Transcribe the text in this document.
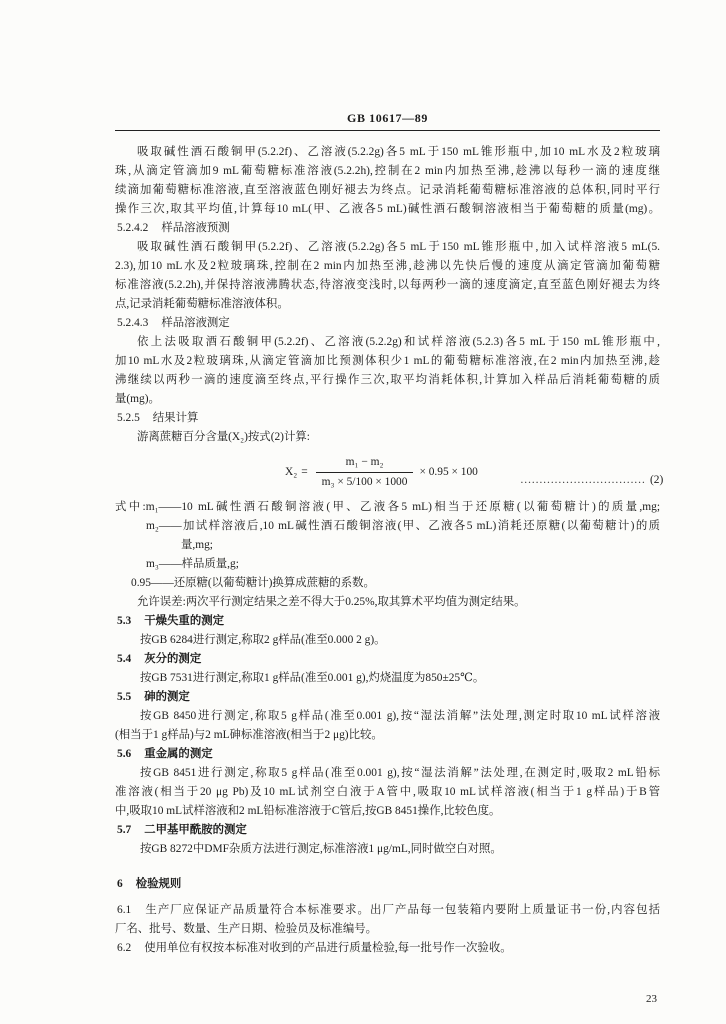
GB 10617—89
吸取碱性酒石酸铜甲(5.2.2f)、乙溶液(5.2.2g)各5 mL于150 mL锥形瓶中,加10 mL水及2粒玻璃
珠,从滴定管滴加9 mL葡萄糖标准溶液(5.2.2h),控制在2 min内加热至沸,趁沸以每秒一滴的速度继
续滴加葡萄糖标准溶液,直至溶液蓝色刚好褪去为终点。记录消耗葡萄糖标准溶液的总体积,同时平行
操作三次,取其平均值,计算每10 mL(甲、乙液各5 mL)碱性酒石酸铜溶液相当于葡萄糖的质量(mg)。
5.2.4.2 样品溶液预测
吸取碱性酒石酸铜甲(5.2.2f)、乙溶液(5.2.2g)各5 mL于150 mL锥形瓶中,加入试样溶液5 mL(5.
2.3),加10 mL水及2粒玻璃珠,控制在2 min内加热至沸,趁沸以先快后慢的速度从滴定管滴加葡萄糖
标准溶液(5.2.2h),并保持溶液沸腾状态,待溶液变浅时,以每两秒一滴的速度滴定,直至蓝色刚好褪去为终
点,记录消耗葡萄糖标准溶液体积。
5.2.4.3 样品溶液测定
依上法吸取酒石酸铜甲(5.2.2f)、乙溶液(5.2.2g)和试样溶液(5.2.3)各5 mL于150 mL锥形瓶中,
加10 mL水及2粒玻璃珠,从滴定管滴加比预测体积少1 mL的葡萄糖标准溶液,在2 min内加热至沸,趁
沸继续以两秒一滴的速度滴至终点,平行操作三次,取平均消耗体积,计算加入样品后消耗葡萄糖的质
量(mg)。
5.2.5 结果计算
游离蔗糖百分含量(X₂)按式(2)计算:
$X_2 = \frac{\text{m₁ − m₂}}{\text{m₃ × 5/100 × 1000}} \times 0.95 \times 100$
…………………………… (2)
式中:m₁——10 mL碱性酒石酸铜溶液(甲、乙液各5 mL)相当于还原糖(以葡萄糖计)的质量,mg;
m₂——加试样溶液后,10 mL碱性酒石酸铜溶液(甲、乙液各5 mL)消耗还原糖(以葡萄糖计)的质
量,mg;
m₃——样品质量,g;
0.95——还原糖(以葡萄糖计)换算成蔗糖的系数。
允许误差:两次平行测定结果之差不得大于0.25%,取其算术平均值为测定结果。
5.3 干燥失重的测定
按GB 6284进行测定,称取2 g样品(准至0.000 2 g)。
5.4 灰分的测定
按GB 7531进行测定,称取1 g样品(准至0.001 g),灼烧温度为850±25℃。
5.5 砷的测定
按GB 8450进行测定,称取5 g样品(准至0.001 g),按“湿法消解”法处理,测定时取10 mL试样溶液
(相当于1 g样品)与2 mL砷标准溶液(相当于2 μg)比较。
5.6 重金属的测定
按GB 8451进行测定,称取5 g样品(准至0.001 g),按“湿法消解”法处理,在测定时,吸取2 mL铅标
准溶液(相当于20 μg Pb)及10 mL试剂空白液于A管中,吸取10 mL试样溶液(相当于1 g样品)于B管
中,吸取10 mL试样溶液和2 mL铅标准溶液于C管后,按GB 8451操作,比较色度。
5.7 二甲基甲酰胺的测定
按GB 8272中DMF杂质方法进行测定,标准溶液1 μg/mL,同时做空白对照。
6 检验规则
6.1 生产厂应保证产品质量符合本标准要求。出厂产品每一包装箱内要附上质量证书一份,内容包括
厂名、批号、数量、生产日期、检验员及标准编号。
6.2 使用单位有权按本标准对收到的产品进行质量检验,每一批号作一次验收。
23
